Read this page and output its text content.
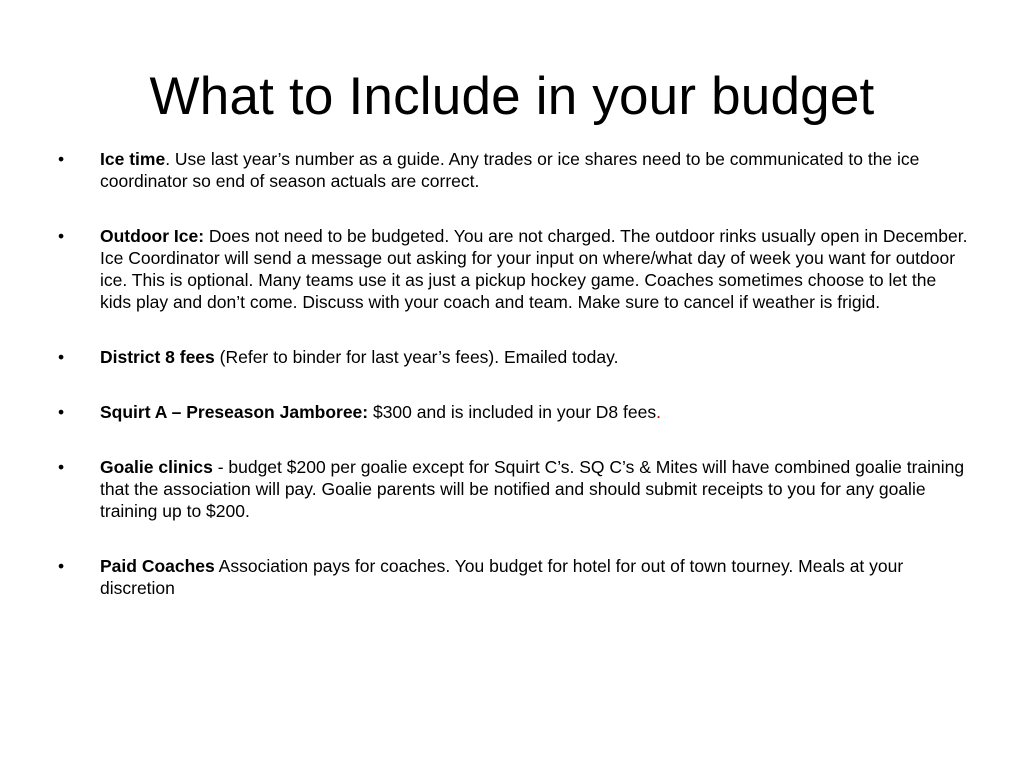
What to Include in your budget
•	Ice time. Use last year’s number as a guide. Any trades or ice shares need to be communicated to the ice coordinator so end of season actuals are correct.
•	Outdoor Ice: Does not need to be budgeted. You are not charged. The outdoor rinks usually open in December. Ice Coordinator will send a message out asking for your input on where/what day of week you want for outdoor ice. This is optional. Many teams use it as just a pickup hockey game. Coaches sometimes choose to let the kids play and don’t come. Discuss with your coach and team. Make sure to cancel if weather is frigid.
•	District 8 fees (Refer to binder for last year’s fees). Emailed today.
•	Squirt A – Preseason Jamboree: $300 and is included in your D8 fees.
•	Goalie clinics - budget $200 per goalie except for Squirt C’s. SQ C’s & Mites will have combined goalie training that the association will pay. Goalie parents will be notified and should submit receipts to you for any goalie training up to $200.
•	Paid Coaches Association pays for coaches. You budget for hotel for out of town tourney. Meals at your discretion
